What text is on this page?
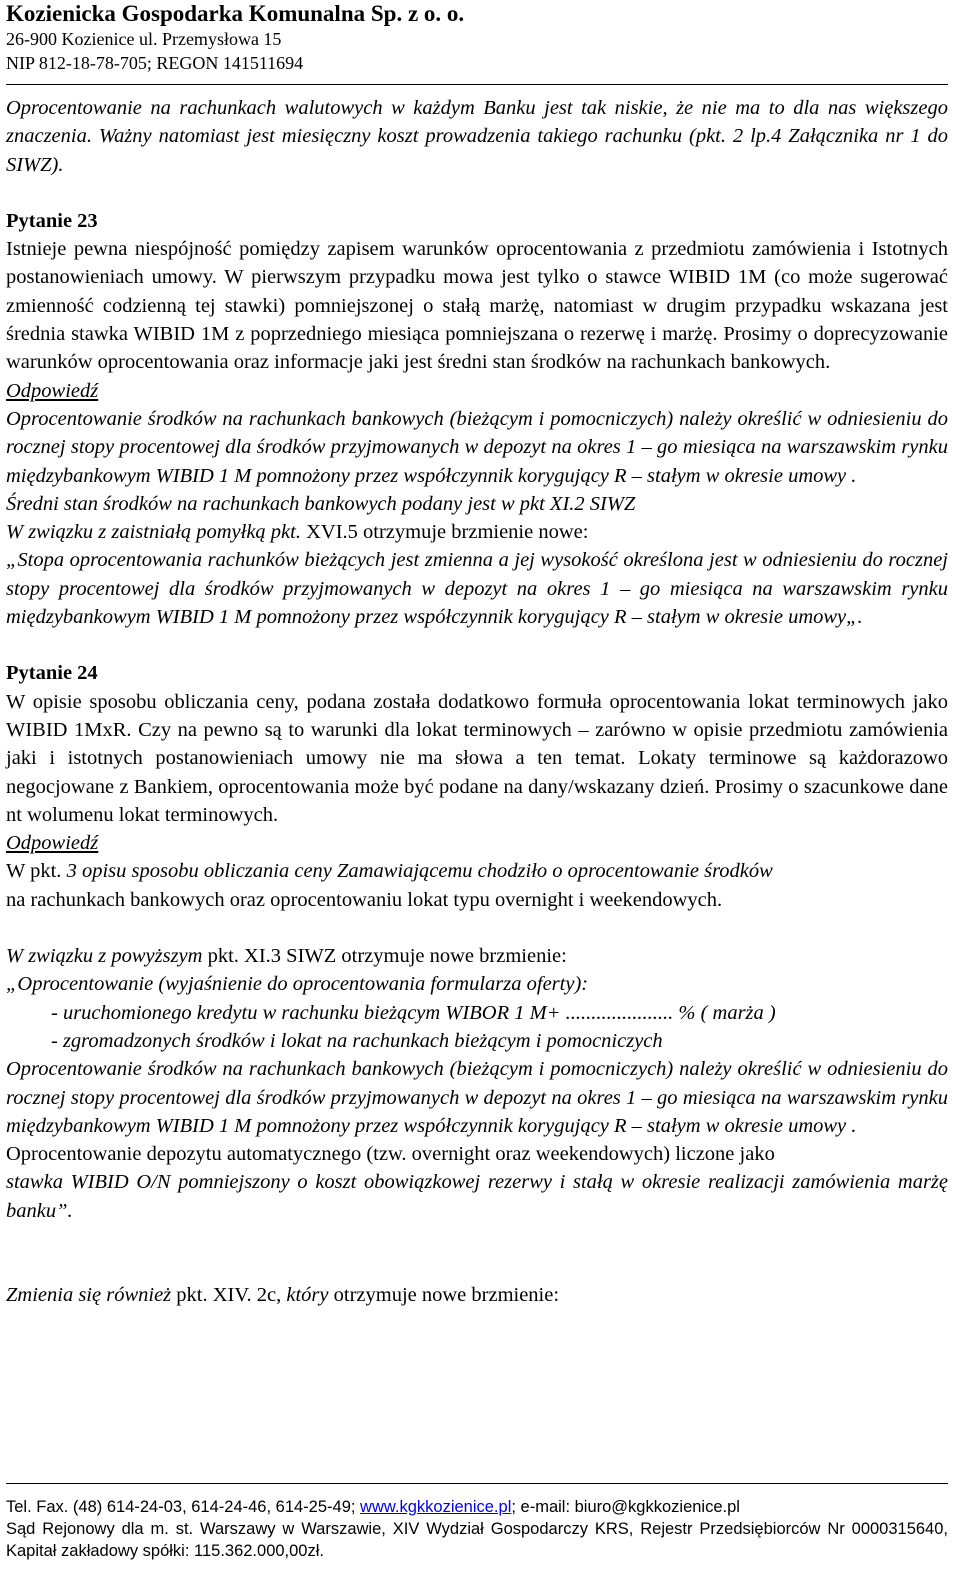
Kozienicka Gospodarka Komunalna Sp. z o. o.
26-900 Kozienice ul. Przemysłowa 15
NIP 812-18-78-705; REGON 141511694

Oprocentowanie na rachunkach walutowych w każdym Banku jest tak niskie, że nie ma to dla nas większego znaczenia. Ważny natomiast jest miesięczny koszt prowadzenia takiego rachunku (pkt. 2 lp.4 Załącznika nr 1 do SIWZ).

Pytanie 23

Istnieje pewna niespójność pomiędzy zapisem warunków oprocentowania z przedmiotu zamówienia i Istotnych postanowieniach umowy. W pierwszym przypadku mowa jest tylko o stawce WIBID 1M (co może sugerować zmienność codzienną tej stawki) pomniejszonej o stałą marżę, natomiast w drugim przypadku wskazana jest średnia stawka WIBID 1M z poprzedniego miesiąca pomniejszana o rezerwę i marżę. Prosimy o doprecyzowanie warunków oprocentowania oraz informacje jaki jest średni stan środków na rachunkach bankowych.

Odpowiedź

Oprocentowanie środków na rachunkach bankowych (bieżącym i pomocniczych) należy określić w odniesieniu do rocznej stopy procentowej dla środków przyjmowanych w depozyt na okres 1 – go miesiąca na warszawskim rynku międzybankowym WIBID 1 M pomnożony przez współczynnik korygujący R – stałym w okresie umowy .

Średni stan środków na rachunkach bankowych podany jest w pkt XI.2 SIWZ

W związku z zaistniałą pomyłką pkt. XVI.5 otrzymuje brzmienie nowe:

„Stopa oprocentowania rachunków bieżących jest zmienna a jej wysokość określona jest w odniesieniu do rocznej stopy procentowej dla środków przyjmowanych w depozyt na okres 1 – go miesiąca na warszawskim rynku międzybankowym WIBID 1 M pomnożony przez współczynnik korygujący R – stałym w okresie umowy„.

Pytanie 24

W opisie sposobu obliczania ceny, podana została dodatkowo formuła oprocentowania lokat terminowych jako WIBID 1MxR. Czy na pewno są to warunki dla lokat terminowych – zarówno w opisie przedmiotu zamówienia jaki i istotnych postanowieniach umowy nie ma słowa a ten temat. Lokaty terminowe są każdorazowo negocjowane z Bankiem, oprocentowania może być podane na dany/wskazany dzień. Prosimy o szacunkowe dane nt wolumenu lokat terminowych.

Odpowiedź

W pkt. 3 opisu sposobu obliczania ceny Zamawiającemu chodziło o oprocentowanie środków

na rachunkach bankowych oraz oprocentowaniu lokat typu overnight i weekendowych.

W związku z powyższym pkt. XI.3 SIWZ otrzymuje nowe brzmienie:

„Oprocentowanie (wyjaśnienie do oprocentowania formularza oferty):

- uruchomionego kredytu w rachunku bieżącym WIBOR 1 M+ ..................... % ( marża )

- zgromadzonych środków i lokat na rachunkach bieżącym i pomocniczych

Oprocentowanie środków na rachunkach bankowych (bieżącym i pomocniczych) należy określić w odniesieniu do rocznej stopy procentowej dla środków przyjmowanych w depozyt na okres 1 – go miesiąca na warszawskim rynku międzybankowym WIBID 1 M pomnożony przez współczynnik korygujący R – stałym w okresie umowy .

Oprocentowanie depozytu automatycznego (tzw. overnight oraz weekendowych) liczone jako

stawka WIBID O/N pomniejszony o koszt obowiązkowej rezerwy i stałą w okresie realizacji zamówienia marżę banku”.

Zmienia się również pkt. XIV. 2c, który otrzymuje nowe brzmienie:

Tel. Fax. (48) 614-24-03, 614-24-46, 614-25-49; www.kgkkozienice.pl; e-mail: biuro@kgkkozienice.pl

Sąd Rejonowy dla m. st. Warszawy w Warszawie, XIV Wydział Gospodarczy KRS, Rejestr Przedsiębiorców Nr 0000315640, Kapitał zakładowy spółki: 115.362.000,00zł.
